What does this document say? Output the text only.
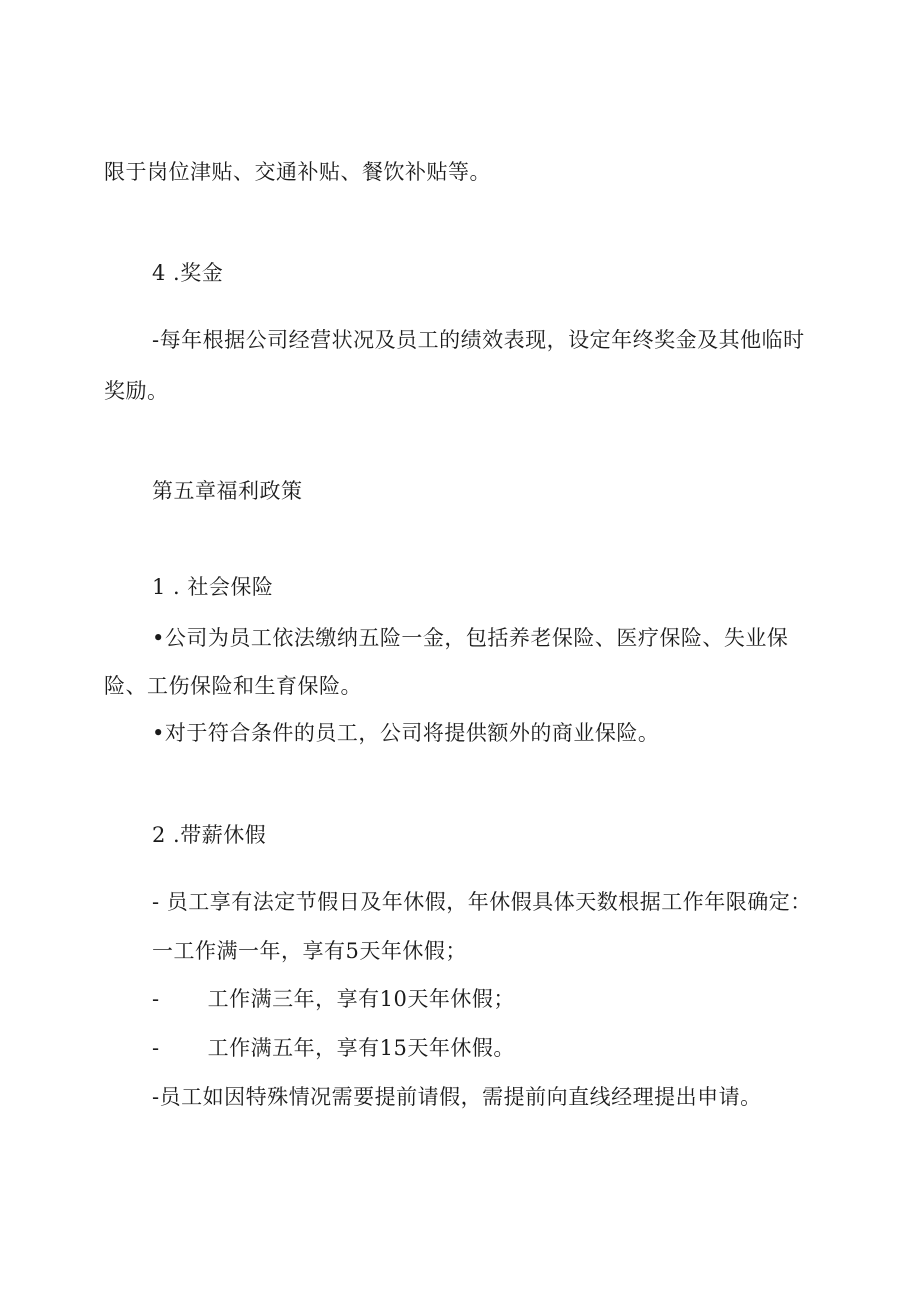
限于岗位津贴、交通补贴、餐饮补贴等。
4 .奖金
-每年根据公司经营状况及员工的绩效表现，设定年终奖金及其他临时
奖励。
第五章福利政策
1 . 社会保险
•公司为员工依法缴纳五险一金，包括养老保险、医疗保险、失业保
险、工伤保险和生育保险。
•对于符合条件的员工，公司将提供额外的商业保险。
2 .带薪休假
- 员工享有法定节假日及年休假，年休假具体天数根据工作年限确定：
一工作满一年，享有5天年休假；
- 工作满三年，享有10天年休假；
- 工作满五年，享有15天年休假。
-员工如因特殊情况需要提前请假，需提前向直线经理提出申请。
